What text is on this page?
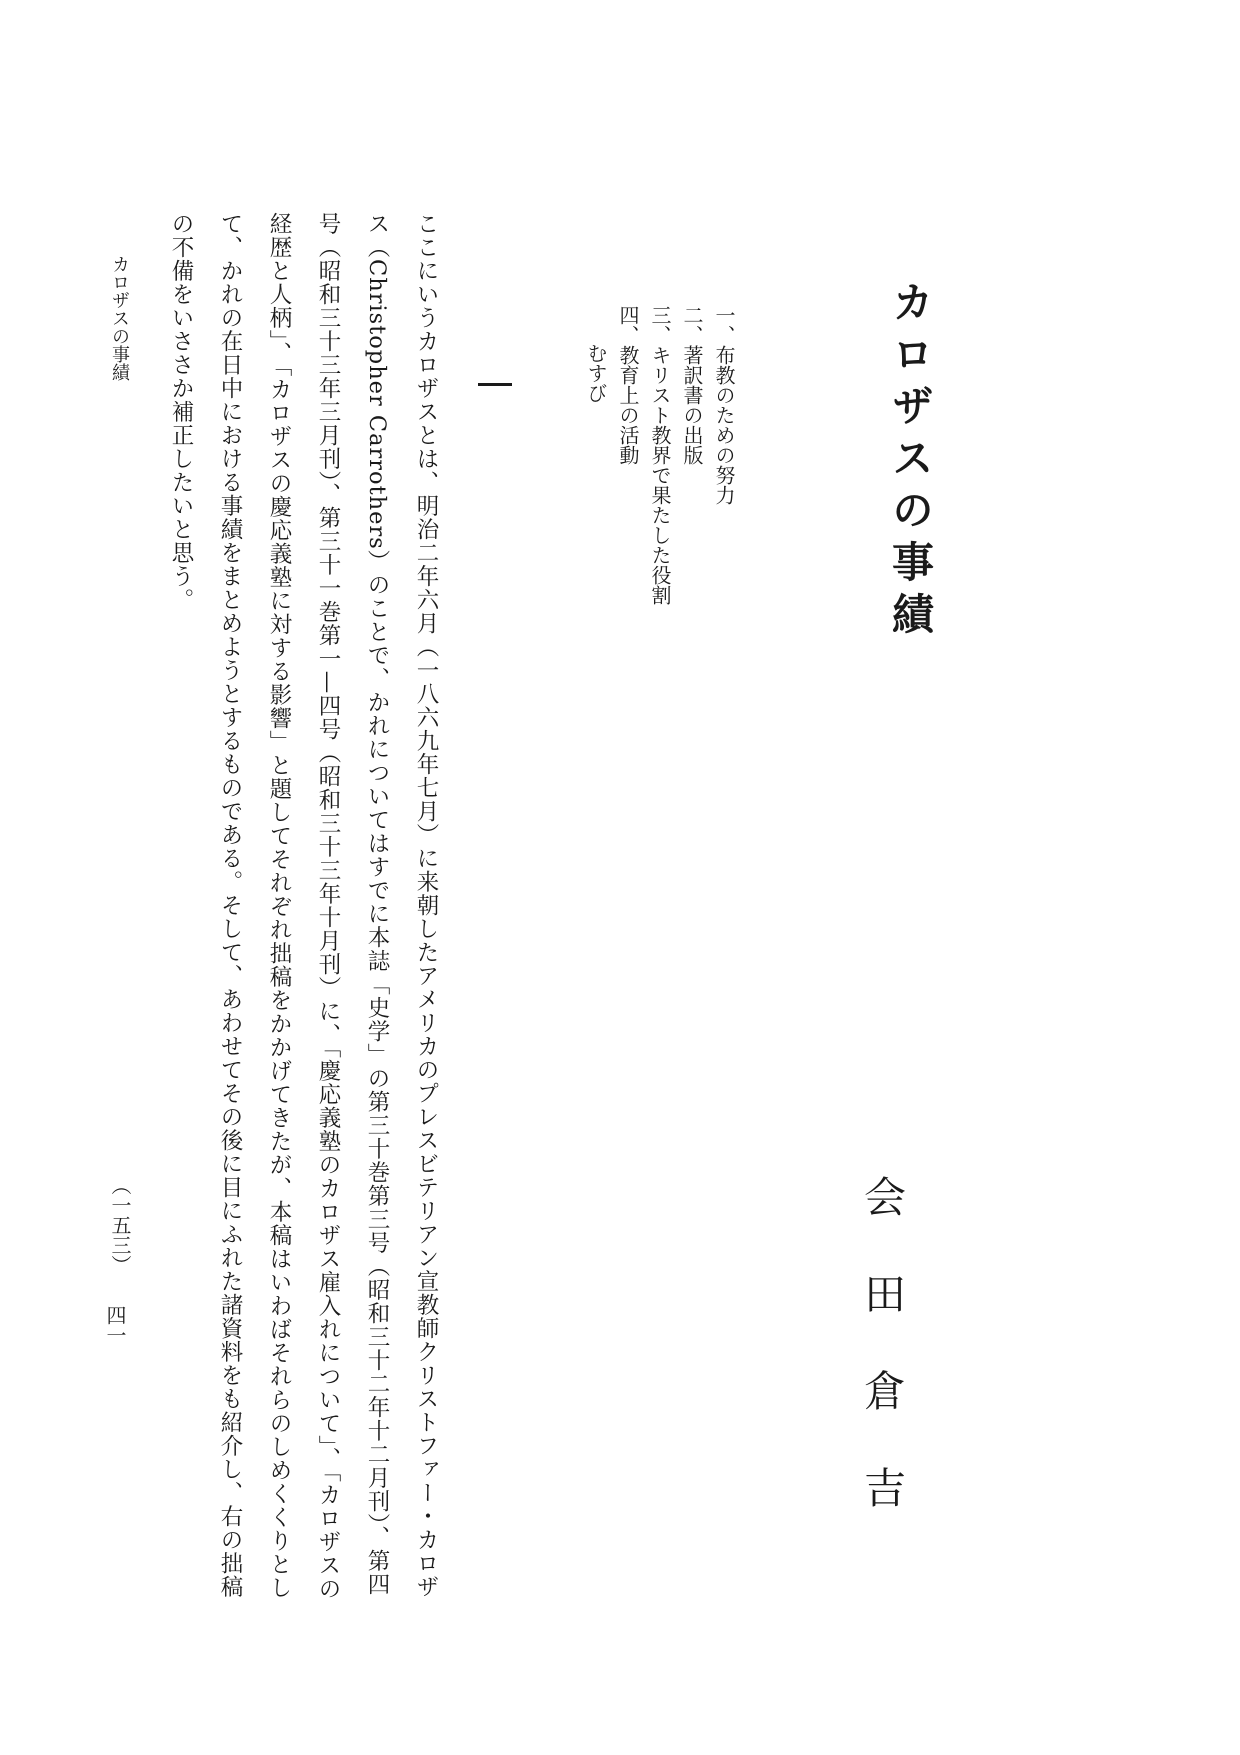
カロザスの事績
会田倉吉
一、布教のための努力
二、著訳書の出版
三、キリスト教界で果たした役割
四、教育上の活動
むすび

ここにいうカロザスとは、明治二年六月（一八六九年七月）に来朝したアメリカのプレスビテリアン宣教師クリストファー・カロザス（Christopher Carrothers）のことで、かれについてはすでに本誌「史学」の第三十巻第三号（昭和三十二年十二月刊）、第四号（昭和三十三年三月刊）、第三十一巻第一—四号（昭和三十三年十月刊）に、「慶応義塾のカロザス雇入れについて」、「カロザスの経歴と人柄」、「カロザスの慶応義塾に対する影響」と題してそれぞれ拙稿をかかげてきたが、本稿はいわばそれらのしめくくりとして、かれの在日中における事績をまとめようとするものである。そして、あわせてその後に目にふれた諸資料をも紹介し、右の拙稿の不備をいささか補正したいと思う。

カロザスの事績
（一五三）
四一
